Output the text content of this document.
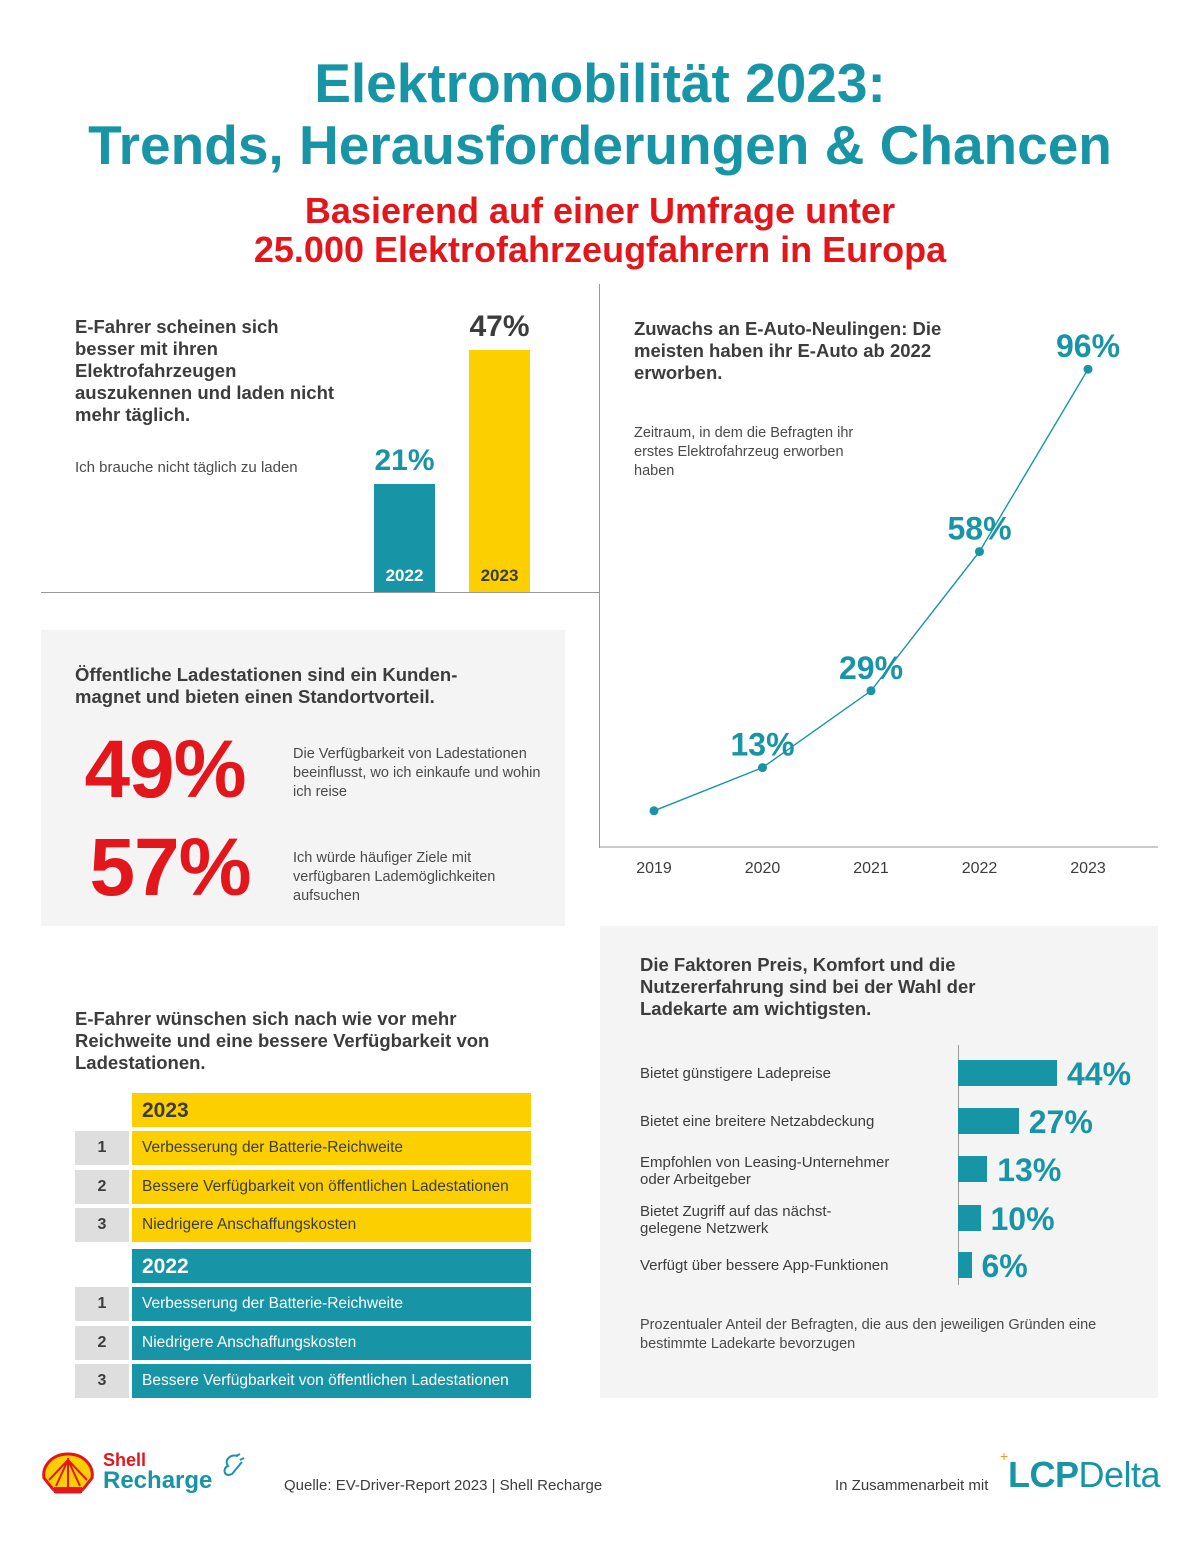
Elektromobilität 2023:
Trends, Herausforderungen & Chancen
Basierend auf einer Umfrage unter
25.000 Elektrofahrzeugfahrern in Europa
E-Fahrer scheinen sich besser mit ihren Elektrofahrzeugen auszukennen und laden nicht mehr täglich.
Ich brauche nicht täglich zu laden
2022
21%
2023
47%	Zuwachs an E-Auto-Neulingen: Die meisten haben ihr E-Auto ab 2022 erworben.
Zeitraum, in dem die Befragten ihr erstes Elektrofahrzeug erworben haben
13%
29%
58%
96%
2019	2020	2021	2022	2023
Öffentliche Ladestationen sind ein Kunden-magnet und bieten einen Standortvorteil.
49%	Die Verfügbarkeit von Ladestationen beeinflusst, wo ich einkaufe und wohin ich reise
57%	Ich würde häufiger Ziele mit verfügbaren Lademöglichkeiten aufsuchen
E-Fahrer wünschen sich nach wie vor mehr Reichweite und eine bessere Verfügbarkeit von Ladestationen.
2023
1	Verbesserung der Batterie-Reichweite
2	Bessere Verfügbarkeit von öffentlichen Ladestationen
3	Niedrigere Anschaffungskosten
2022
1	Verbesserung der Batterie-Reichweite
2	Niedrigere Anschaffungskosten
3	Bessere Verfügbarkeit von öffentlichen Ladestationen
Die Faktoren Preis, Komfort und die Nutzererfahrung sind bei der Wahl der Ladekarte am wichtigsten.
Bietet günstigere Ladepreise	44%
Bietet eine breitere Netzabdeckung	27%
Empfohlen von Leasing-Unternehmer
oder Arbeitgeber	13%
Bietet Zugriff auf das nächst-
gelegene Netzwerk	10%
Verfügt über bessere App-Funktionen	6%
Prozentualer Anteil der Befragten, die aus den jeweiligen Gründen eine bestimmte Ladekarte bevorzugen
Shell
Recharge	Quelle: EV-Driver-Report 2023 | Shell Recharge	In Zusammenarbeit mit
+ LCPDelta
